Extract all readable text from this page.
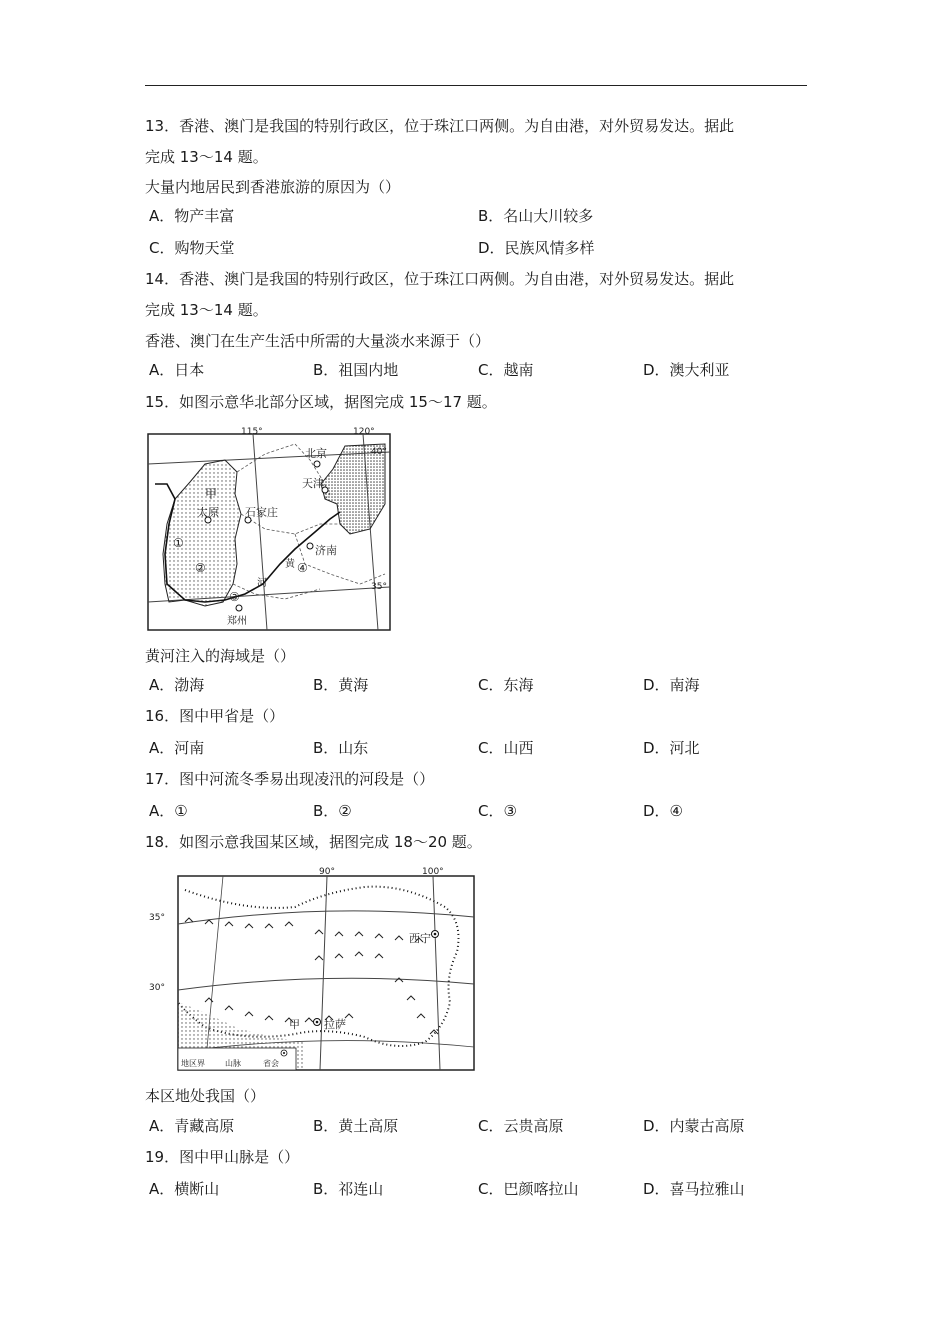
13．香港、澳门是我国的特别行政区，位于珠江口两侧。为自由港，对外贸易发达。据此
完成 13～14 题。
大量内地居民到香港旅游的原因为（）
A．物产丰富	B．名山大川较多
C．购物天堂	D．民族风情多样
14．香港、澳门是我国的特别行政区，位于珠江口两侧。为自由港，对外贸易发达。据此
完成 13～14 题。
香港、澳门在生产生活中所需的大量淡水来源于（）
A．日本	B．祖国内地	C．越南	D．澳大利亚
15．如图示意华北部分区域，据图完成 15～17 题。
115°	120°
40°
35°
北京
天津
甲
太原 石家庄
济南
郑州
黄
河
①
②
③
④
黄河注入的海域是（）
A．渤海	B．黄海	C．东海	D．南海
16．图中甲省是（）
A．河南	B．山东	C．山西	D．河北
17．图中河流冬季易出现凌汛的河段是（）
A．①	B．②	C．③	D．④
18．如图示意我国某区域，据图完成 18～20 题。
90°	100°
35°
30°
西宁
拉萨
甲
地区界	山脉	省会
本区地处我国（）
A．青藏高原	B．黄土高原	C．云贵高原	D．内蒙古高原
19．图中甲山脉是（）
A．横断山	B．祁连山	C．巴颜喀拉山	D．喜马拉雅山
